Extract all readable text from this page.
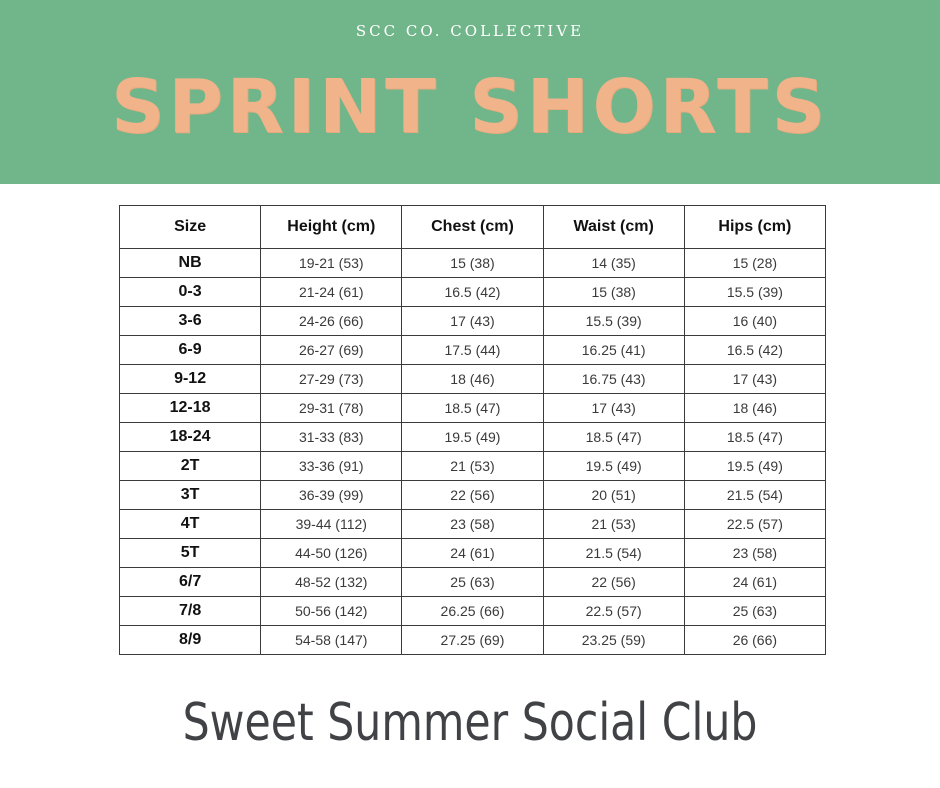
SCC CO. COLLECTIVE
SPRINT SHORTS
Size	Height (cm)	Chest (cm)	Waist (cm)	Hips (cm)
NB	19-21 (53)	15 (38)	14 (35)	15 (28)
0-3	21-24 (61)	16.5 (42)	15 (38)	15.5 (39)
3-6	24-26 (66)	17 (43)	15.5 (39)	16 (40)
6-9	26-27 (69)	17.5 (44)	16.25 (41)	16.5 (42)
9-12	27-29 (73)	18 (46)	16.75 (43)	17 (43)
12-18	29-31 (78)	18.5 (47)	17 (43)	18 (46)
18-24	31-33 (83)	19.5 (49)	18.5 (47)	18.5 (47)
2T	33-36 (91)	21 (53)	19.5 (49)	19.5 (49)
3T	36-39 (99)	22 (56)	20 (51)	21.5 (54)
4T	39-44 (112)	23 (58)	21 (53)	22.5 (57)
5T	44-50 (126)	24 (61)	21.5 (54)	23 (58)
6/7	48-52 (132)	25 (63)	22 (56)	24 (61)
7/8	50-56 (142)	26.25 (66)	22.5 (57)	25 (63)
8/9	54-58 (147)	27.25 (69)	23.25 (59)	26 (66)
Sweet Summer Social Club
